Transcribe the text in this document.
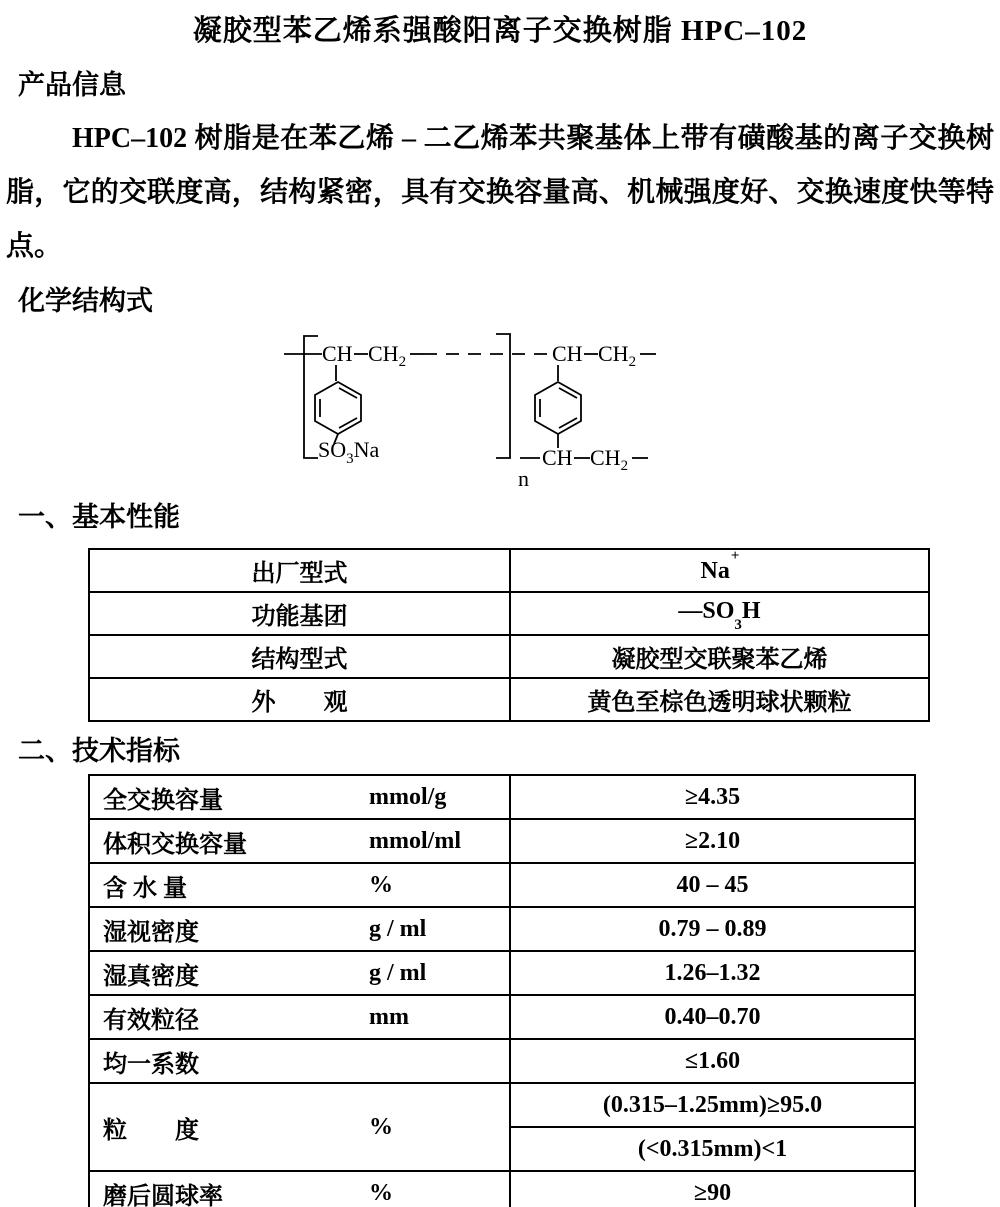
凝胶型苯乙烯系强酸阳离子交换树脂 HPC–102
产品信息
HPC–102 树脂是在苯乙烯 – 二乙烯苯共聚基体上带有磺酸基的离子交换树
脂，它的交联度高，结构紧密，具有交换容量高、机械强度好、交换速度快等特
点。
化学结构式
CH $CH_2$	CH $CH_2$
$SO_3Na$	CH $CH_2$
n
一、基本性能
出厂型式	Na+
功能基团	$—SO_3H$
结构型式	凝胶型交联聚苯乙烯
外　　观	黄色至棕色透明球状颗粒
二、技术指标
全交换容量 mmol/g	≥4.35

体积交换容量 mmol/ml	≥2.10

含 水 量 %	40 – 45

湿视密度 g / ml	0.79 – 0.89

湿真密度 g / ml	1.26–1.32

有效粒径 mm	0.40–0.70

均一系数	≤1.60

粒　　度 %	(0.315–1.25mm)≥95.0
	(<0.315mm)<1

磨后圆球率 %	≥90
